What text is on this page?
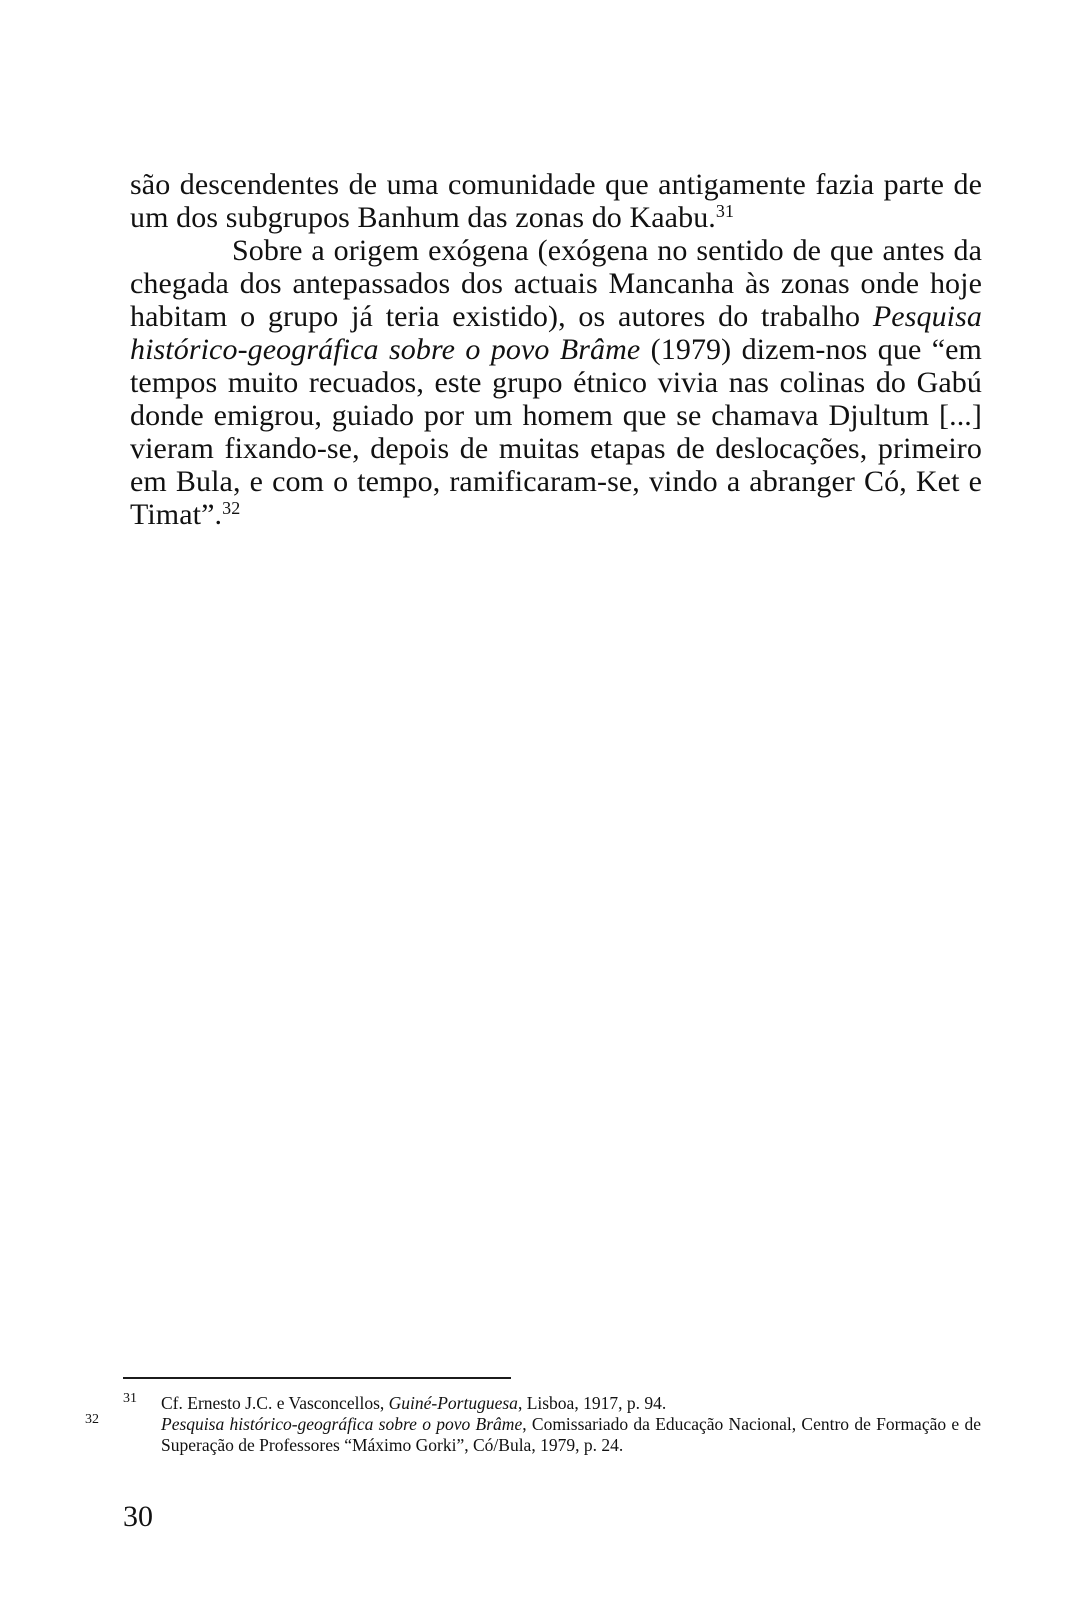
são descendentes de uma comunidade que antigamente fazia parte de um dos subgrupos Banhum das zonas do Kaabu.$^{31}$

Sobre a origem exógena (exógena no sentido de que antes da chegada dos antepassados dos actuais Mancanha às zonas onde hoje habitam o grupo já teria existido), os autores do trabalho Pesquisa histórico-geográfica sobre o povo Brâme (1979) dizem-nos que “em tempos muito recuados, este grupo étnico vivia nas colinas do Gabú donde emigrou, guiado por um homem que se chamava Djultum [...] vieram fixando-se, depois de muitas etapas de deslocações, primeiro em Bula, e com o tempo, ramificaram-se, vindo a abranger Có, Ket e Timat”.$^{32}$

31 Cf. Ernesto J.C. e Vasconcellos, Guiné-Portuguesa, Lisboa, 1917, p. 94.

32	Pesquisa histórico-geográfica sobre o povo Brâme, Comissariado da Educação Nacional, Centro de Formação e de Superação de Professores “Máximo Gorki”, Có/Bula, 1979, p. 24.

30
